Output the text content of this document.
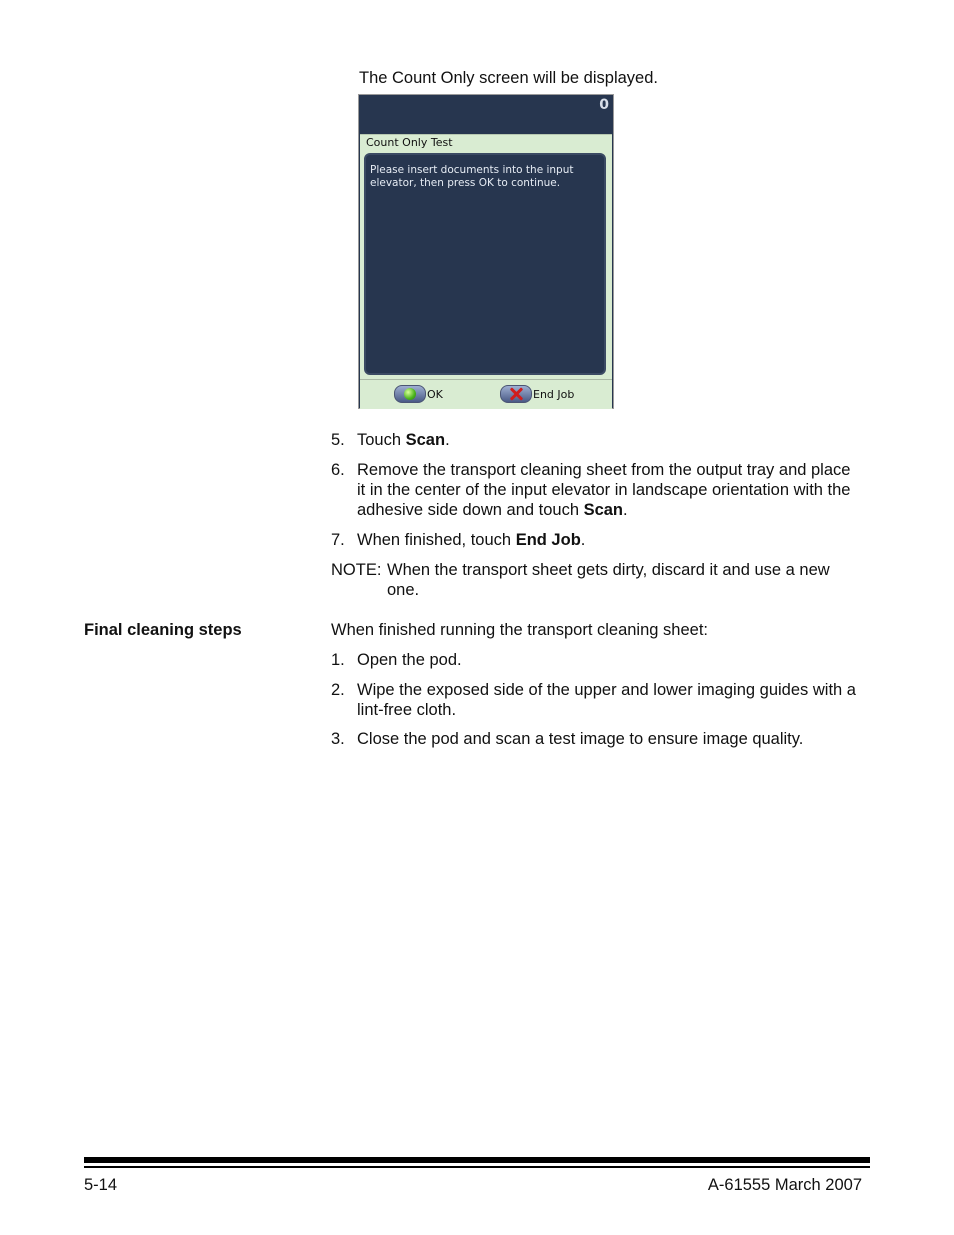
The Count Only screen will be displayed.
0
Count Only Test
Please insert documents into the input elevator, then press OK to continue.
OK	End Job
5. Touch Scan.
6. Remove the transport cleaning sheet from the output tray and place
it in the center of the input elevator in landscape orientation with the
adhesive side down and touch Scan.
7. When finished, touch End Job.
NOTE: When the transport sheet gets dirty, discard it and use a new
one.
Final cleaning steps	When finished running the transport cleaning sheet:
1. Open the pod.
2. Wipe the exposed side of the upper and lower imaging guides with a
lint-free cloth.
3. Close the pod and scan a test image to ensure image quality.
5-14	A-61555 March 2007
